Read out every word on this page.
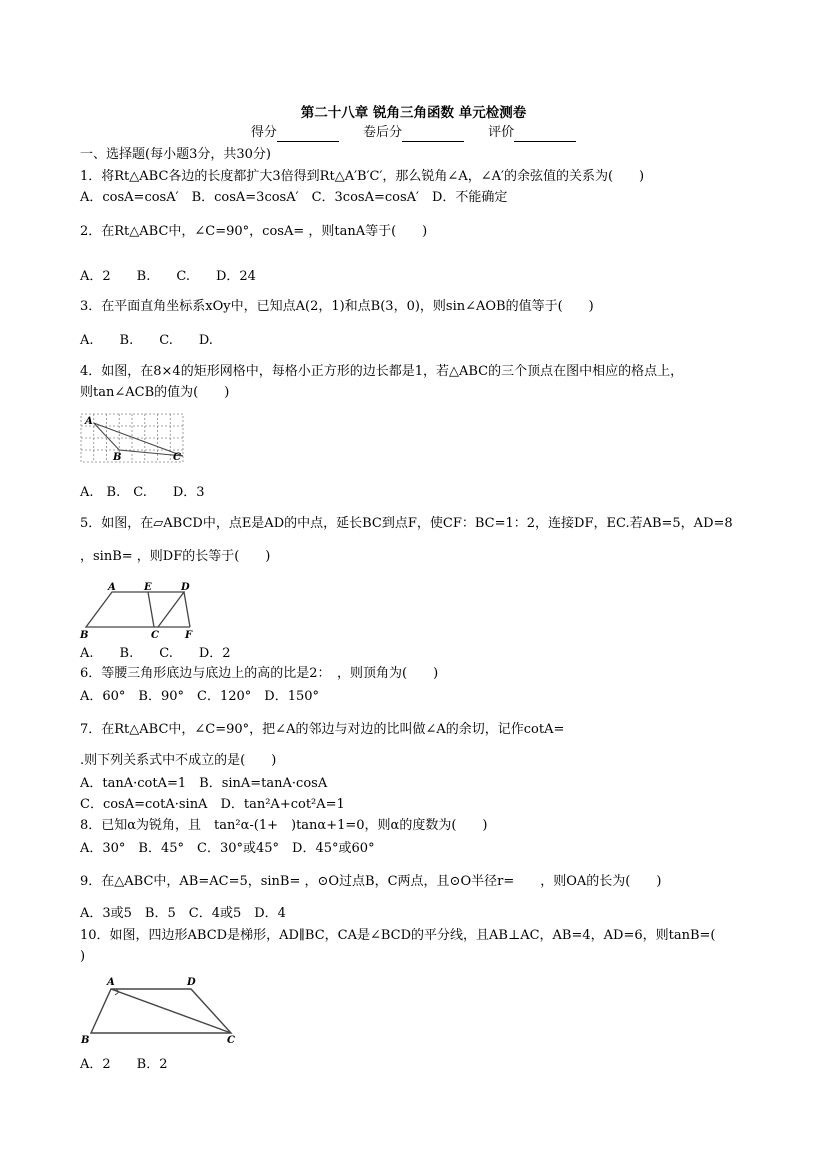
第二十八章 锐角三角函数 单元检测卷
得分	卷后分	评价
一、选择题(每小题3分，共30分)
1．将Rt△ABC各边的长度都扩大3倍得到Rt△A′B′C′，那么锐角∠A，∠A′的余弦值的关系为(　　)
A．cosA=cosA′　B．cosA=3cosA′　C．3cosA=cosA′　D．不能确定
2．在Rt△ABC中，∠C=90°，cosA= ，则tanA等于(　　)
A．2　　B.　　C.　　D．24
3．在平面直角坐标系xOy中，已知点A(2，1)和点B(3，0)，则sin∠AOB的值等于(　　)
A.　　B.　　C.　　D.
4．如图，在8×4的矩形网格中，每格小正方形的边长都是1，若△ABC的三个顶点在图中相应的格点上，
则tan∠ACB的值为(　　)
A
B	C
A.　B.　C.　　D．3
5．如图，在▱ABCD中，点E是AD的中点，延长BC到点F，使CF：BC=1：2，连接DF，EC.若AB=5，AD=8
，sinB= ，则DF的长等于(　　)
A	E	D
B	C	F
A.　　B.　　C.　　D．2
6．等腰三角形底边与底边上的高的比是2：　，则顶角为(　　)
A．60°　B．90°　C．120°　D．150°
7．在Rt△ABC中，∠C=90°，把∠A的邻边与对边的比叫做∠A的余切，记作cotA=
.则下列关系式中不成立的是(　　)
A．tanA·cotA=1　B．sinA=tanA·cosA
C．cosA=cotA·sinA　D．tan²A+cot²A=1
8．已知α为锐角，且　tan²α-(1+　)tanα+1=0，则α的度数为(　　)
A．30°　B．45°　C．30°或45°　D．45°或60°
9．在△ABC中，AB=AC=5，sinB= ，⊙O过点B，C两点，且⊙O半径r=　　，则OA的长为(　　)
A．3或5　B．5　C．4或5　D．4
10．如图，四边形ABCD是梯形，AD∥BC，CA是∠BCD的平分线，且AB⊥AC，AB=4，AD=6，则tanB=(
)
A	D
B	C
A．2　　B．2
